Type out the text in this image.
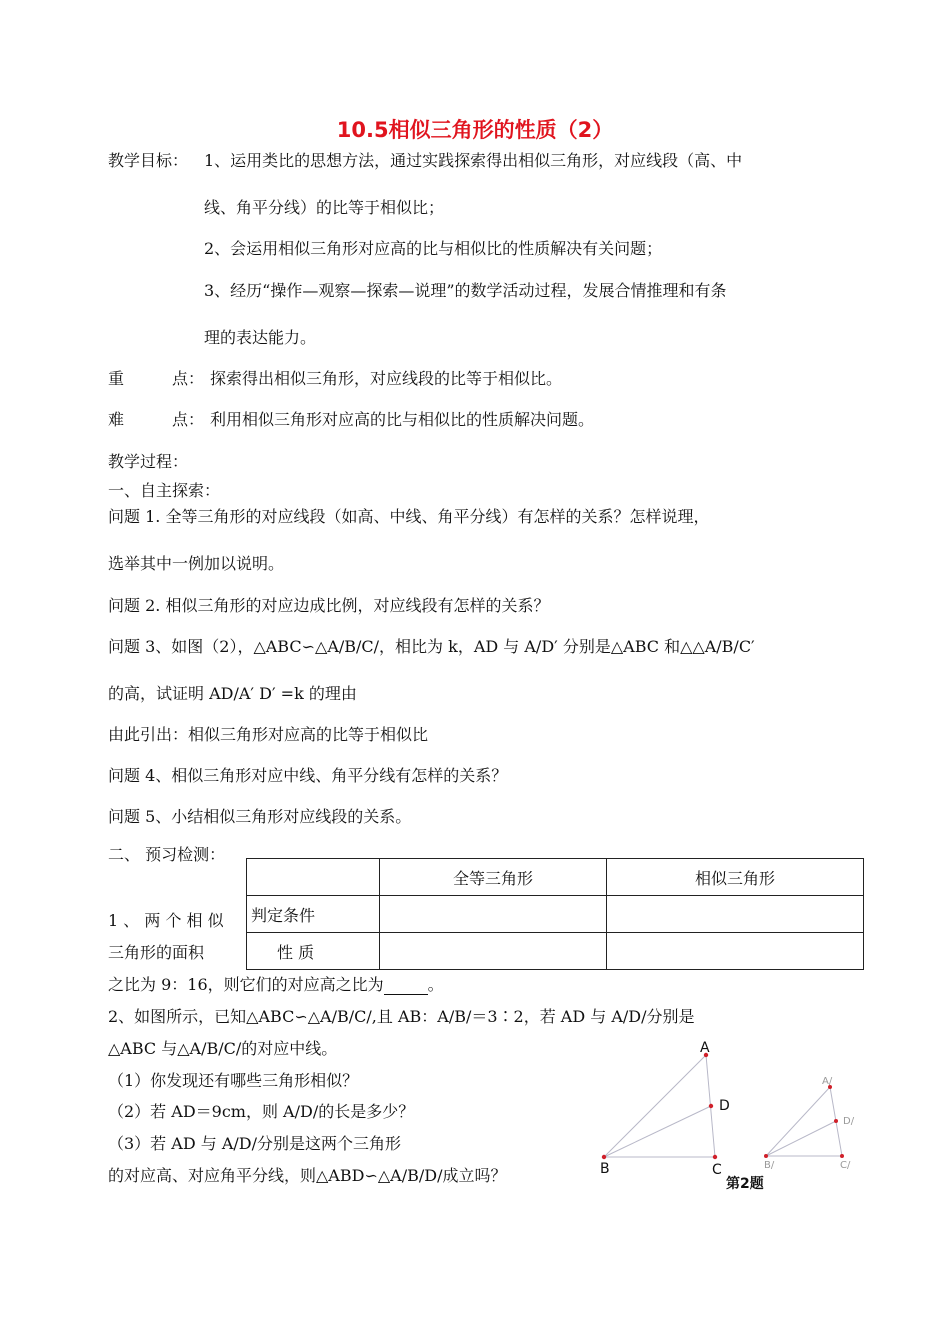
10.5相似三角形的性质（2）
教学目标： 1、运用类比的思想方法，通过实践探索得出相似三角形，对应线段（高、中
线、角平分线）的比等于相似比；
2、会运用相似三角形对应高的比与相似比的性质解决有关问题；
3、经历“操作—观察—探索—说理”的数学活动过程，发展合情推理和有条
理的表达能力。
重	点： 探索得出相似三角形，对应线段的比等于相似比。
难	点： 利用相似三角形对应高的比与相似比的性质解决问题。
教学过程：
一、自主探索：
问题 1. 全等三角形的对应线段（如高、中线、角平分线）有怎样的关系？怎样说理，
选举其中一例加以说明。
问题 2. 相似三角形的对应边成比例，对应线段有怎样的关系？
问题 3、如图（2），△ABC∽△A/B/C/，相比为 k，AD 与 A/D′ 分别是△ABC 和△△A/B/C′
的高，试证明 AD/A′ D′ =k 的理由
由此引出：相似三角形对应高的比等于相似比
问题 4、相似三角形对应中线、角平分线有怎样的关系？
问题 5、小结相似三角形对应线段的关系。
二、 预习检测：
	全等三角形	相似三角形
判定条件		
性 质		
1 、 两 个 相 似
三角形的面积
之比为 9：16，则它们的对应高之比为	。
2、如图所示，已知△ABC∽△A/B/C/,且 AB：A/B/＝3∶2，若 AD 与 A/D/分别是
△ABC 与△A/B/C/的对应中线。
（1）你发现还有哪些三角形相似？
（2）若 AD＝9cm，则 A/D/的长是多少？
（3）若 AD 与 A/D/分别是这两个三角形
的对应高、对应角平分线，则△ABD∽△A/B/D/成立吗？
A
B	C
D
A/
B/	C/
D/
第2题
